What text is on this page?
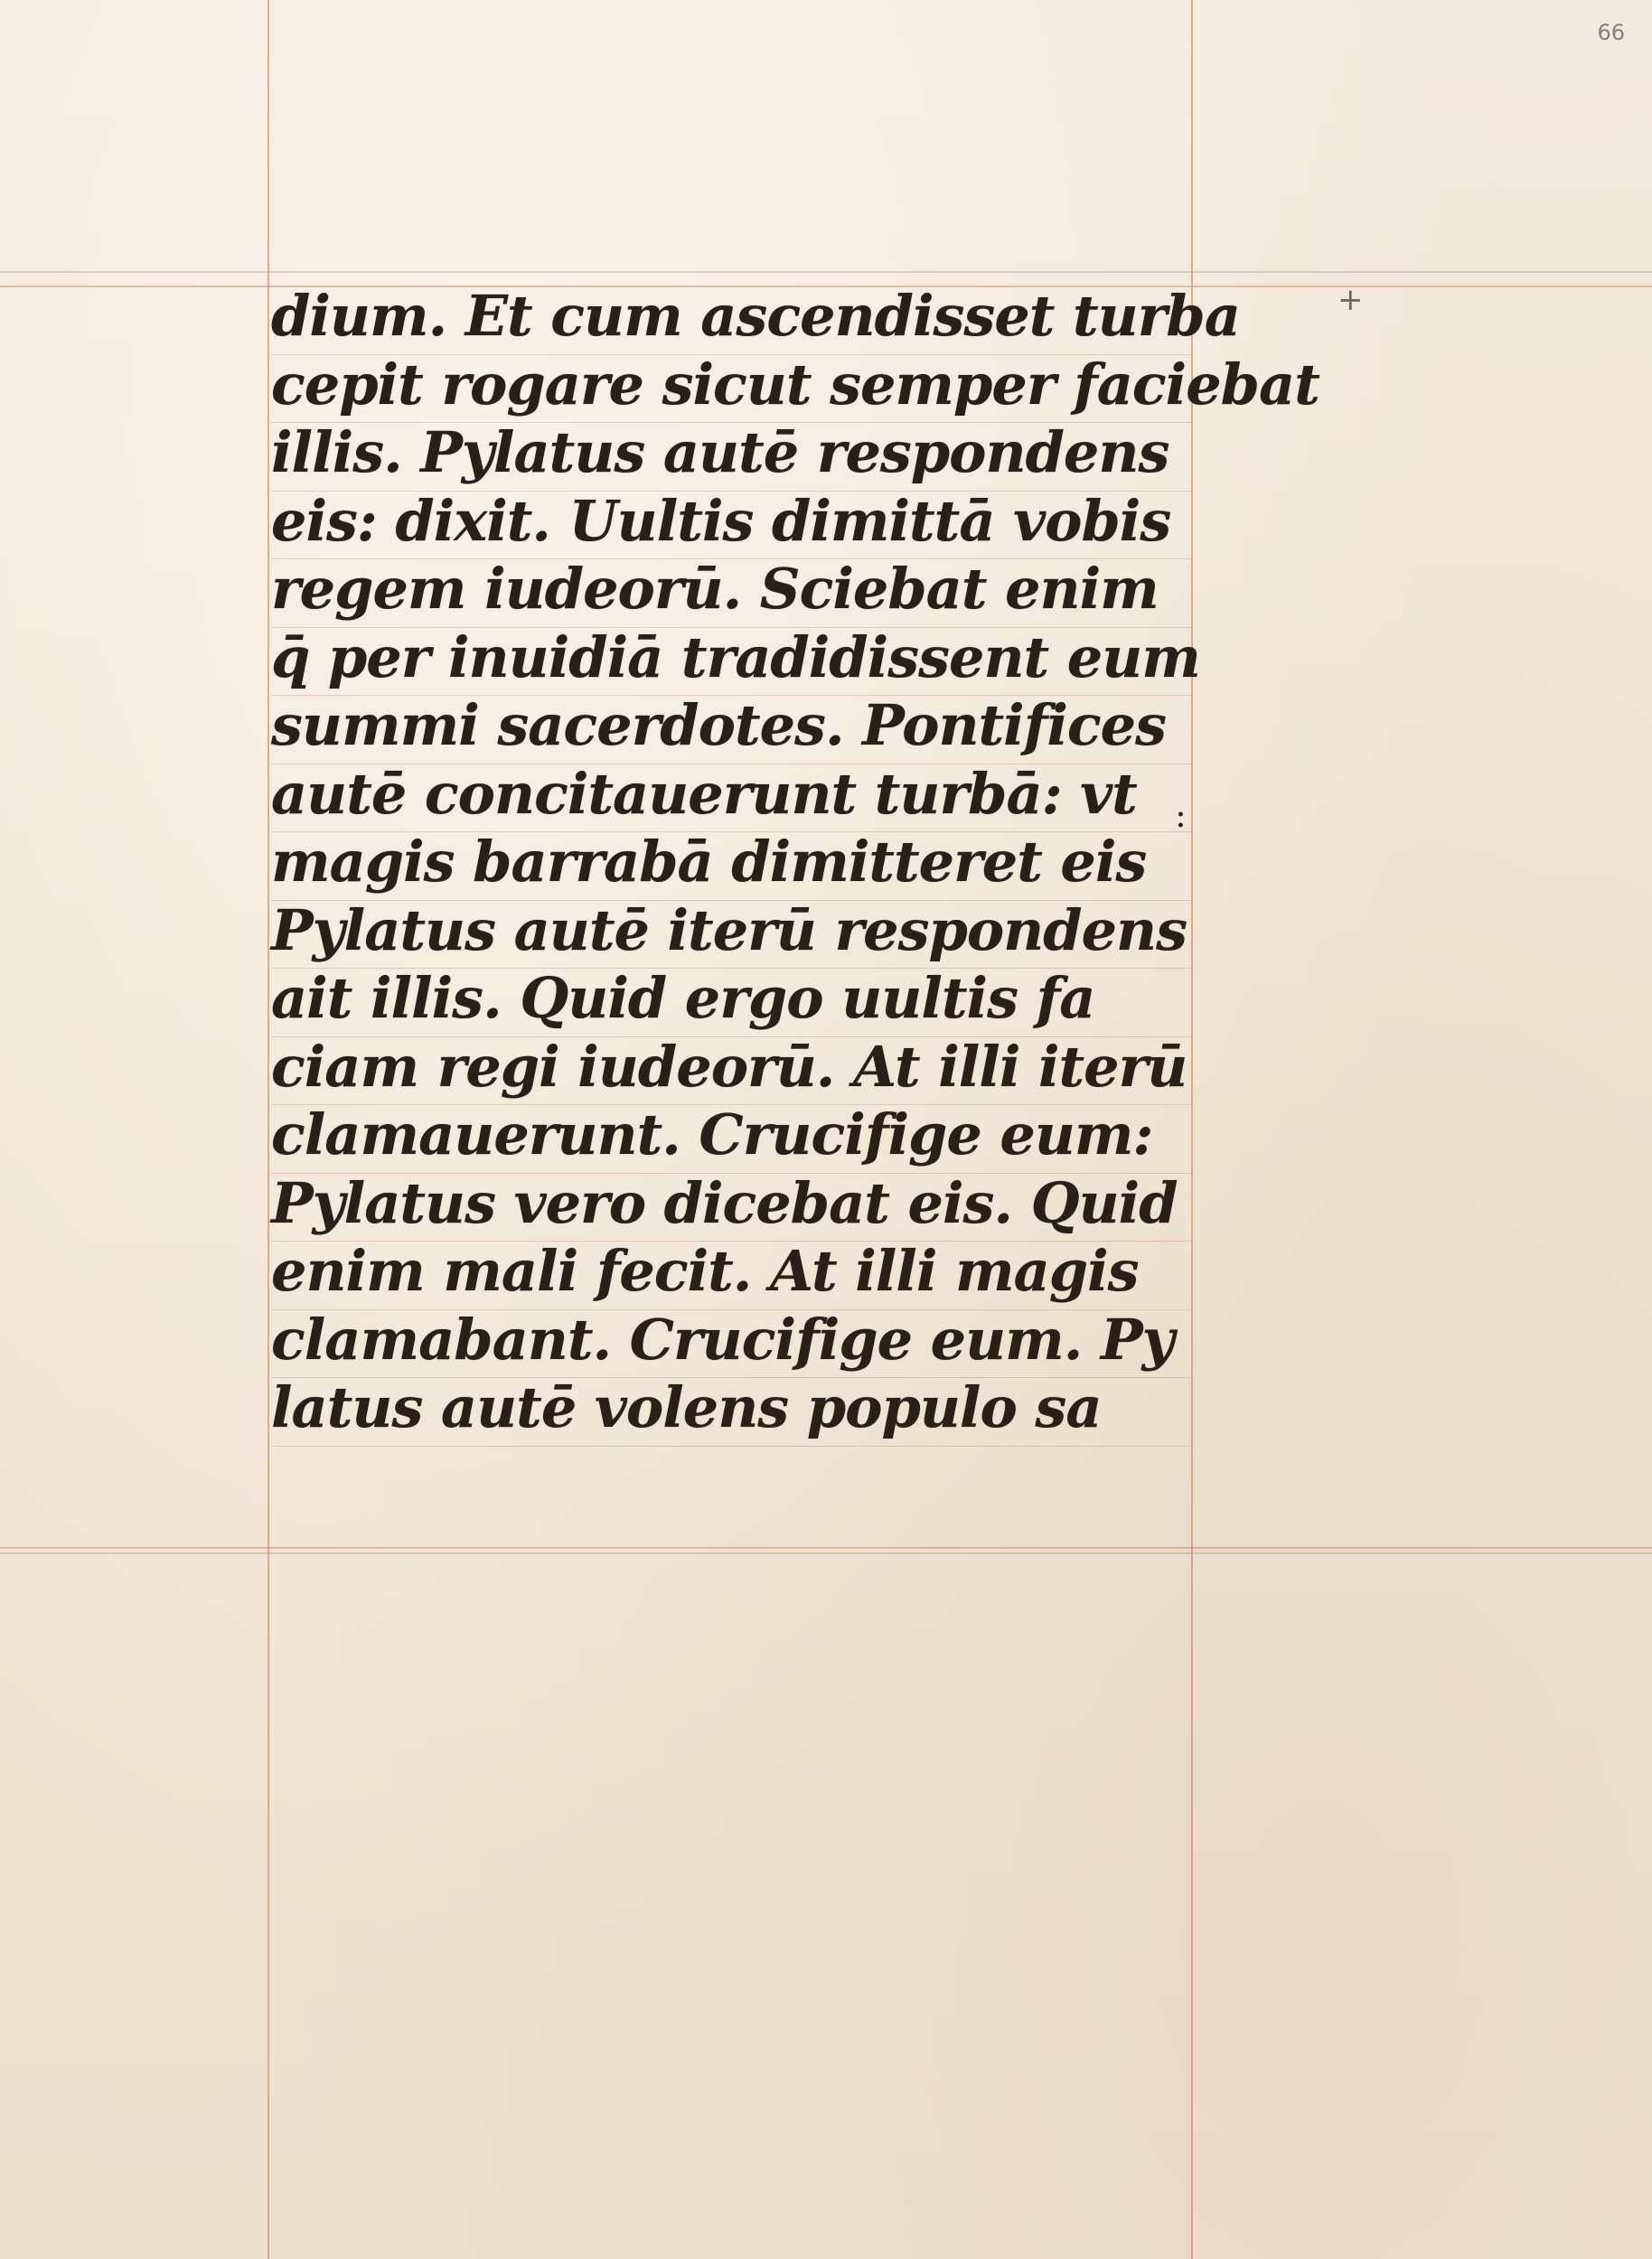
66
+
dium. Et cum ascendisset turba
cepit rogare sicut semper faciebat
illis. Pylatus autē respondens
eis: dixit. Uultis dimittā vobis
regem iudeorū. Sciebat enim
q̄ per inuidiā tradidissent eum
summi sacerdotes. Pontifices
autē concitauerunt turbā: vt
magis barrabā dimitteret eis
Pylatus autē iterū respondens
ait illis. Quid ergo uultis fa
ciam regi iudeorū. At illi iterū
clamauerunt. Crucifige eum:
Pylatus vero dicebat eis. Quid
enim mali fecit. At illi magis
clamabant. Crucifige eum. Py
latus autē volens populo sa
:
